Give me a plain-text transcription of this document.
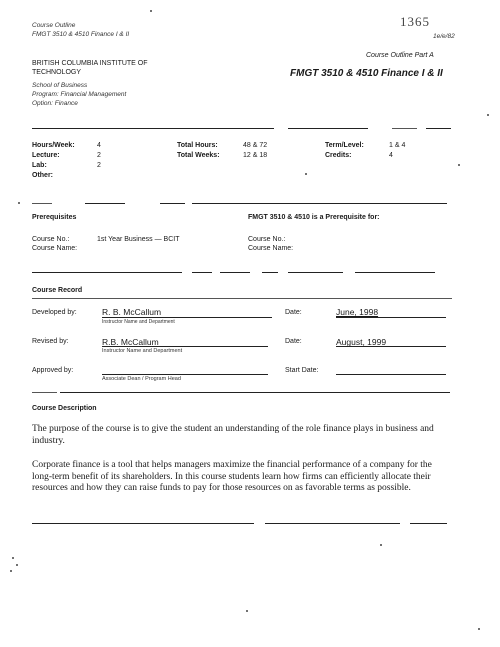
Course Outline
FMGT 3510 & 4510 Finance I & II
1365
1e/e/82
Course Outline Part A
BRITISH COLUMBIA INSTITUTE OF
TECHNOLOGY
School of Business
Program: Financial Management
Option: Finance
FMGT 3510 & 4510 Finance I & II
Hours/Week:	4
Lecture:	2
Lab:	2
Other:
Total Hours:	48 & 72
Total Weeks:	12 & 18
Term/Level:	1 & 4
Credits:	4
Prerequisites	FMGT 3510 & 4510 is a Prerequisite for:
Course No.:	1st Year Business — BCIT
Course Name:
Course No.:
Course Name:
Course Record
Developed by:	R. B. McCallum
Instructor Name and Department
Date:	June, 1998
Revised by:	R.B. McCallum
Instructor Name and Department
Date:	August, 1999
Approved by:
Associate Dean / Program Head
Start Date:
Course Description
The purpose of the course is to give the student an understanding of the role finance plays in business and industry.
Corporate finance is a tool that helps managers maximize the financial performance of a company for the long-term benefit of its shareholders. In this course students learn how firms can efficiently allocate their resources and how they can raise funds to pay for those resources on as favorable terms as possible.
